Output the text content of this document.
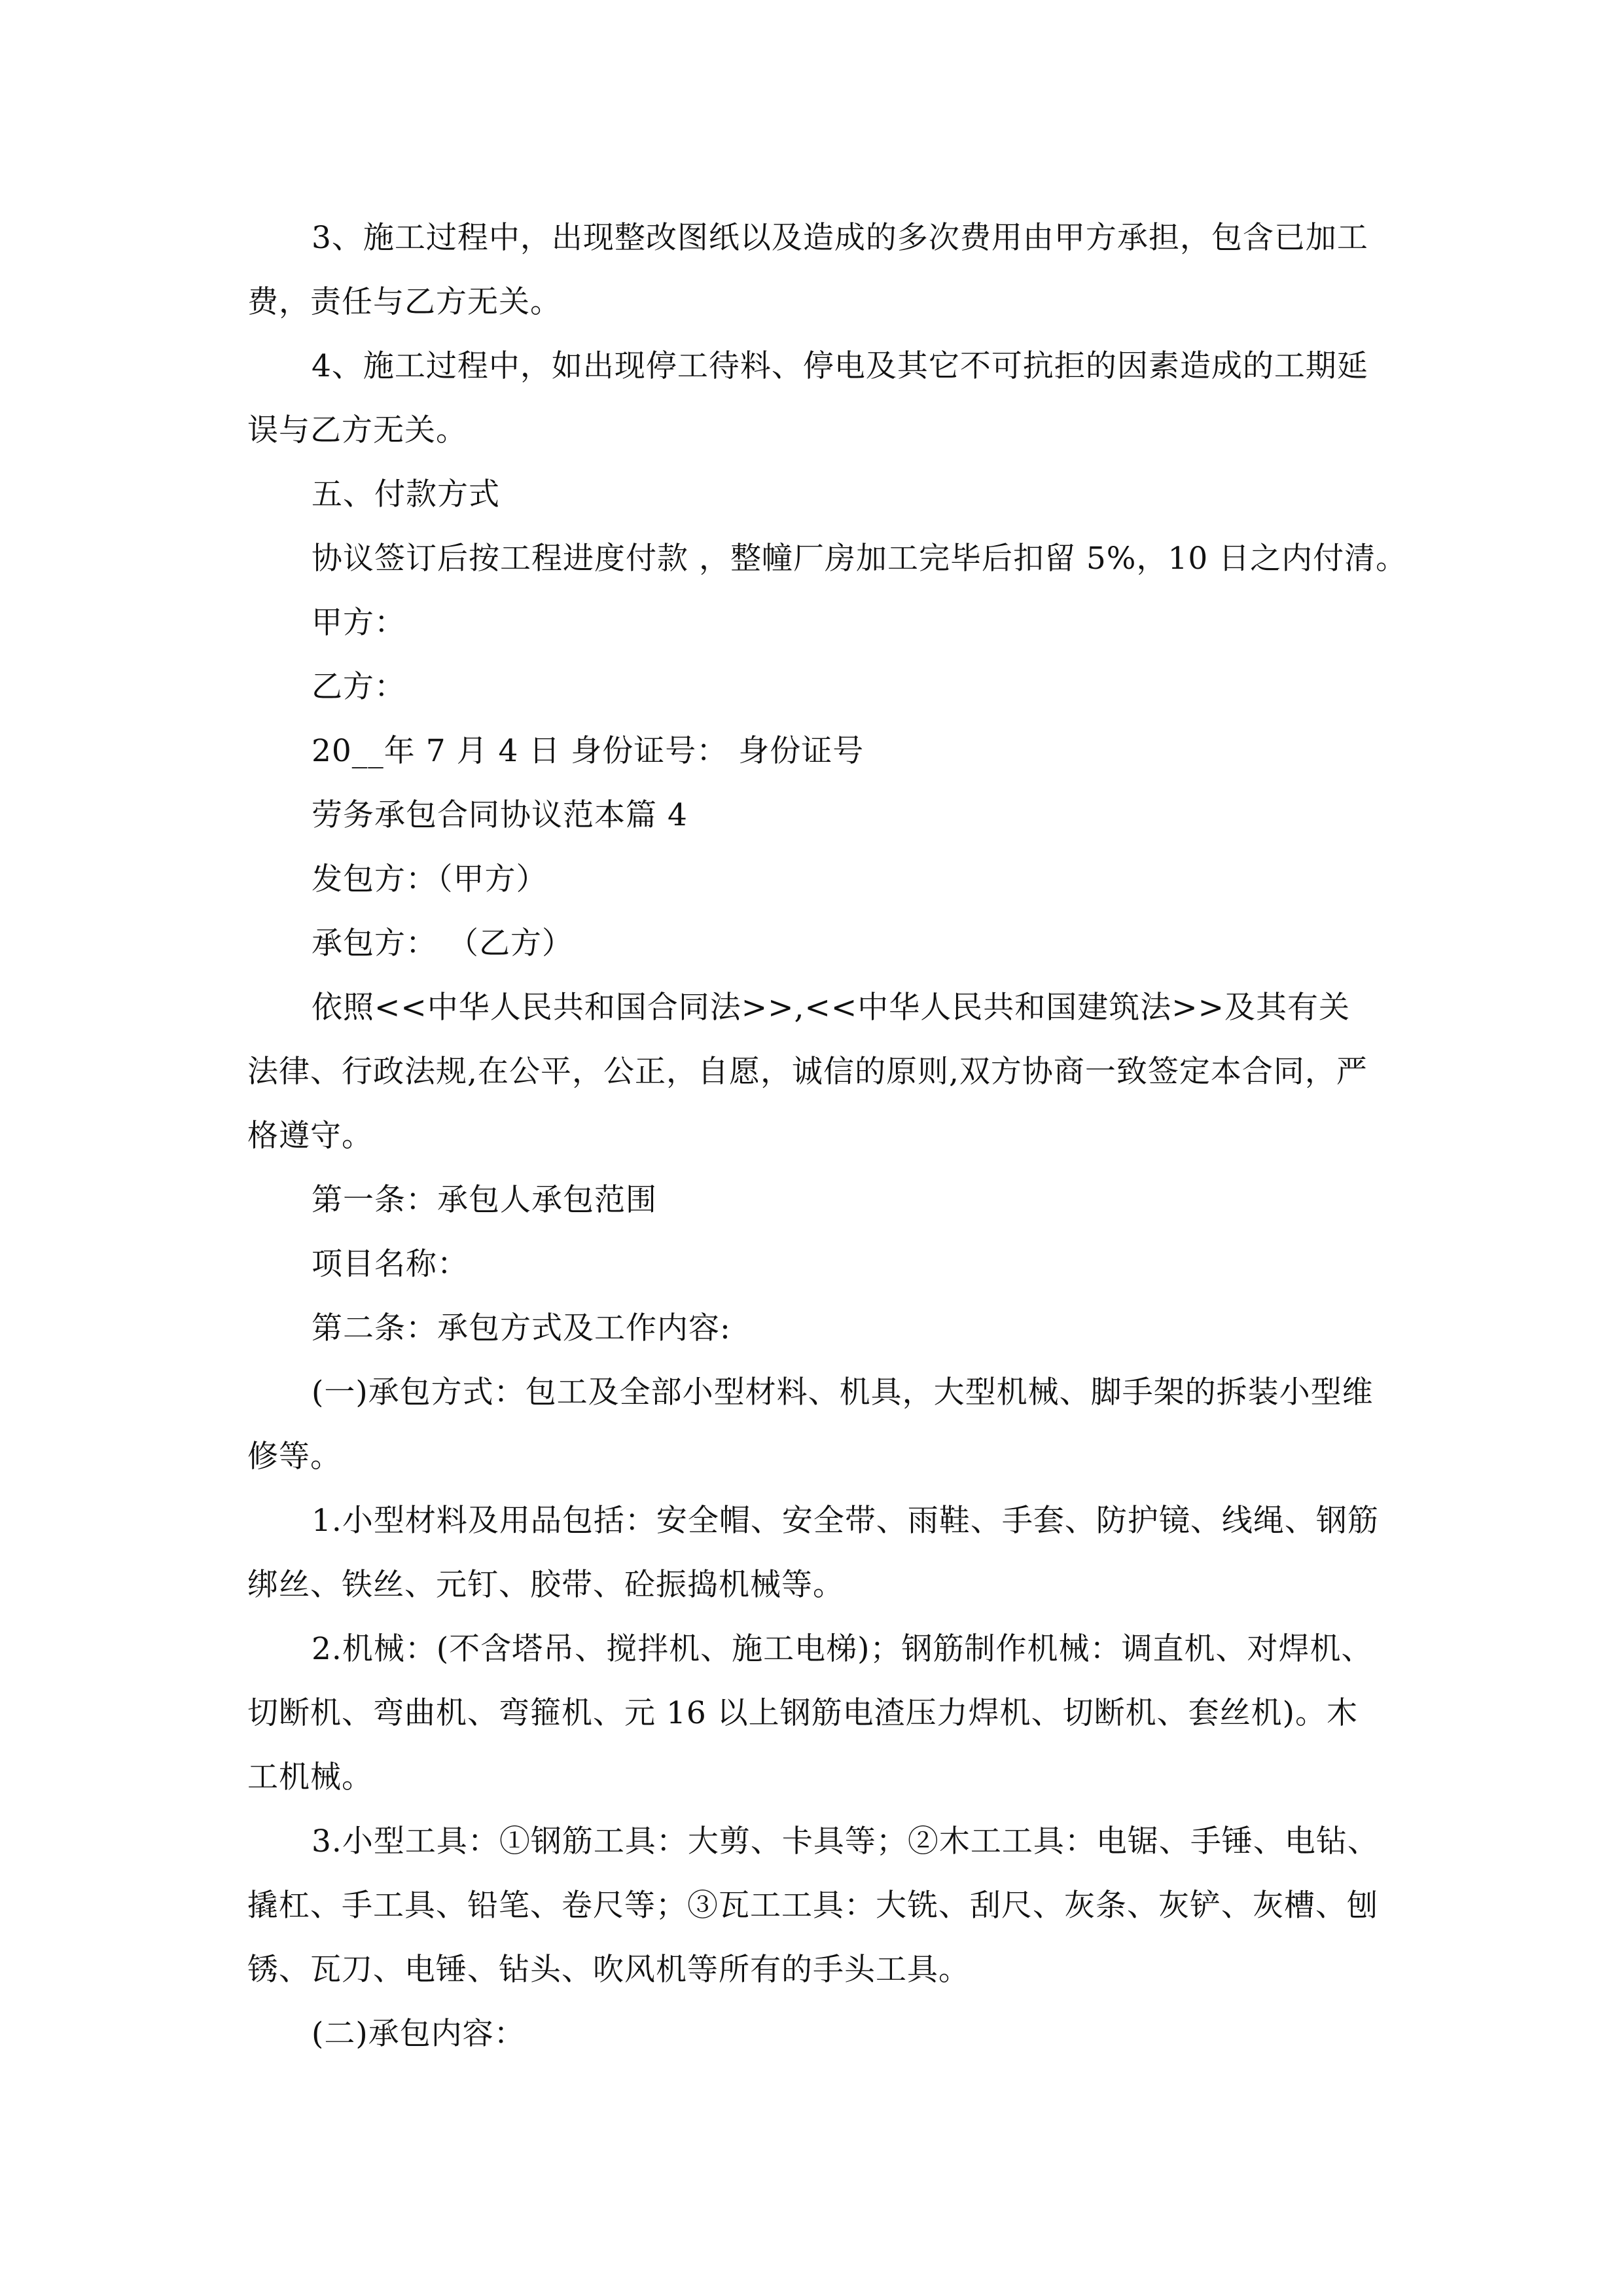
3、施工过程中，出现整改图纸以及造成的多次费用由甲方承担，包含已加工费，责任与乙方无关。

4、施工过程中，如出现停工待料、停电及其它不可抗拒的因素造成的工期延误与乙方无关。

五、付款方式

协议签订后按工程进度付款 ，整幢厂房加工完毕后扣留 5%，10 日之内付清。

甲方：

乙方：

20__年 7 月 4 日 身份证号： 身份证号

劳务承包合同协议范本篇 4

发包方：（甲方）

承包方： （乙方）

依照<<中华人民共和国合同法>>,<<中华人民共和国建筑法>>及其有关法律、行政法规,在公平，公正，自愿，诚信的原则,双方协商一致签定本合同，严格遵守。

第一条：承包人承包范围

项目名称：

第二条：承包方式及工作内容:

(一)承包方式：包工及全部小型材料、机具，大型机械、脚手架的拆装小型维修等。

1.小型材料及用品包括：安全帽、安全带、雨鞋、手套、防护镜、线绳、钢筋绑丝、铁丝、元钉、胶带、砼振捣机械等。

2.机械：(不含塔吊、搅拌机、施工电梯)；钢筋制作机械：调直机、对焊机、切断机、弯曲机、弯箍机、元 16 以上钢筋电渣压力焊机、切断机、套丝机)。木工机械。

3.小型工具：①钢筋工具：大剪、卡具等；②木工工具：电锯、手锤、电钻、撬杠、手工具、铅笔、卷尺等；③瓦工工具：大铣、刮尺、灰条、灰铲、灰槽、刨锈、瓦刀、电锤、钻头、吹风机等所有的手头工具。

(二)承包内容：
